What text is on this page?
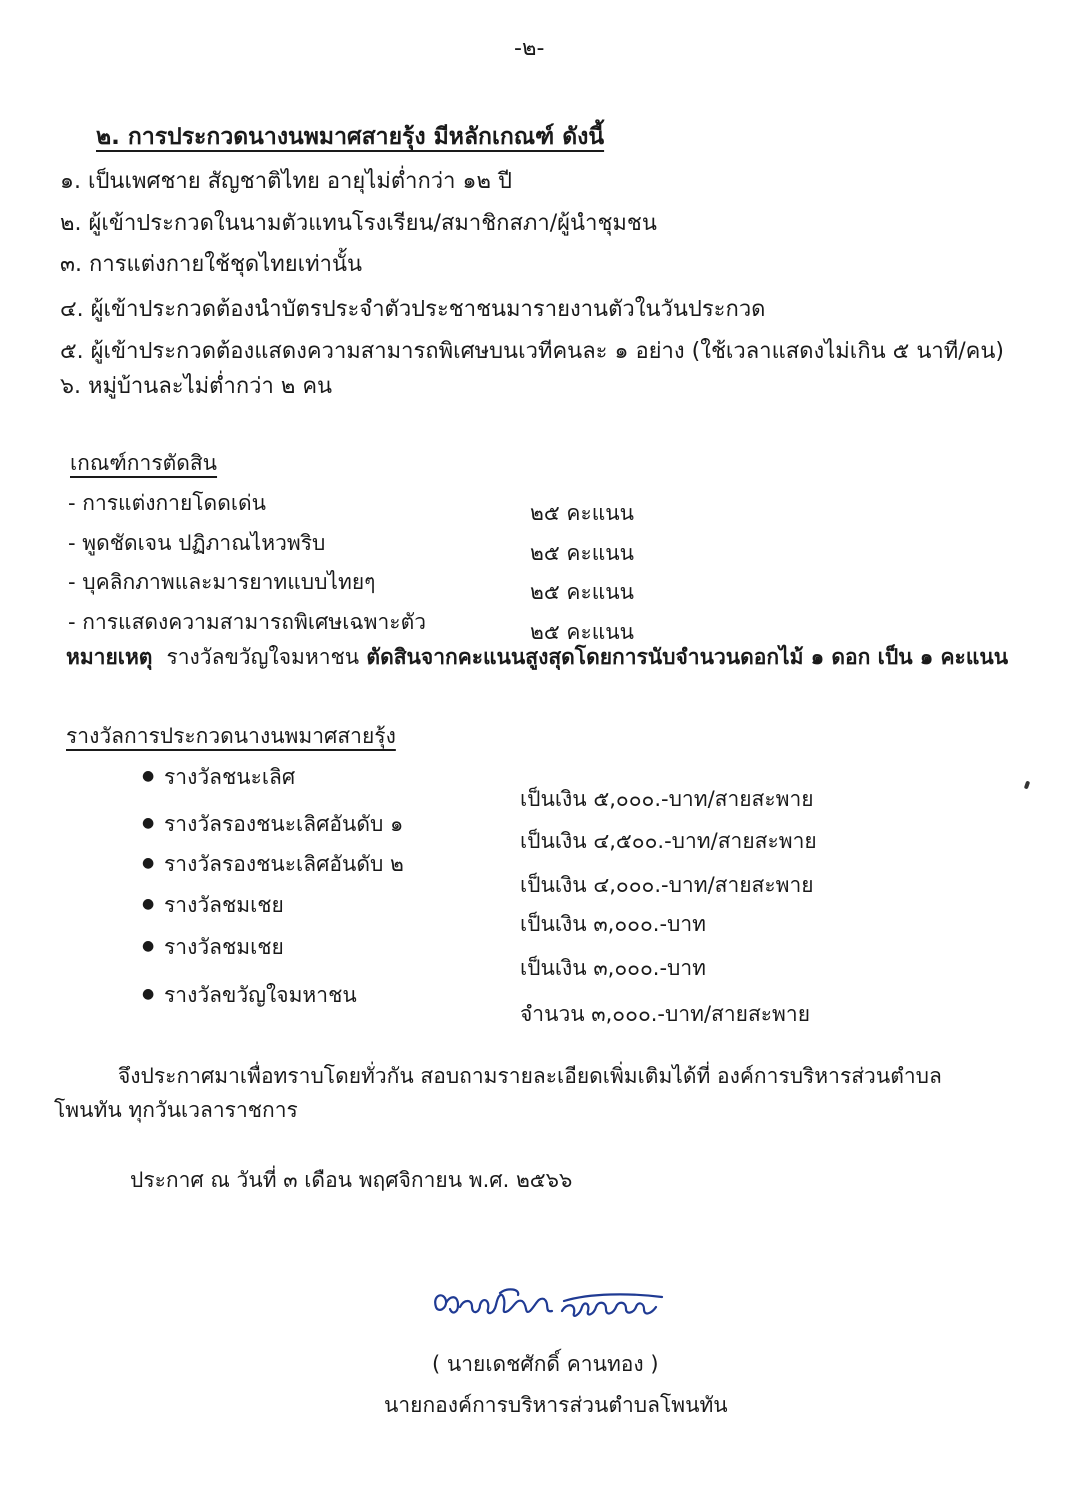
-๒-
๒. การประกวดนางนพมาศสายรุ้ง มีหลักเกณฑ์ ดังนี้
๑. เป็นเพศชาย สัญชาติไทย อายุไม่ต่ำกว่า ๑๒ ปี
๒. ผู้เข้าประกวดในนามตัวแทนโรงเรียน/สมาชิกสภา/ผู้นำชุมชน
๓. การแต่งกายใช้ชุดไทยเท่านั้น
๔. ผู้เข้าประกวดต้องนำบัตรประจำตัวประชาชนมารายงานตัวในวันประกวด
๕. ผู้เข้าประกวดต้องแสดงความสามารถพิเศษบนเวทีคนละ ๑ อย่าง (ใช้เวลาแสดงไม่เกิน ๕ นาที/คน)
๖. หมู่บ้านละไม่ต่ำกว่า ๒ คน
เกณฑ์การตัดสิน
- การแต่งกายโดดเด่น	๒๕ คะแนน
- พูดชัดเจน ปฏิภาณไหวพริบ	๒๕ คะแนน
- บุคลิกภาพและมารยาทแบบไทยๆ	๒๕ คะแนน
- การแสดงความสามารถพิเศษเฉพาะตัว	๒๕ คะแนน
หมายเหตุ รางวัลขวัญใจมหาชน ตัดสินจากคะแนนสูงสุดโดยการนับจำนวนดอกไม้ ๑ ดอก เป็น ๑ คะแนน
รางวัลการประกวดนางนพมาศสายรุ้ง
● รางวัลชนะเลิศ
เป็นเงิน ๕,๐๐๐.-บาท/สายสะพาย
● รางวัลรองชนะเลิศอันดับ ๑
เป็นเงิน ๔,๕๐๐.-บาท/สายสะพาย
● รางวัลรองชนะเลิศอันดับ ๒
เป็นเงิน ๔,๐๐๐.-บาท/สายสะพาย
● รางวัลชมเชย
เป็นเงิน ๓,๐๐๐.-บาท
● รางวัลชมเชย
เป็นเงิน ๓,๐๐๐.-บาท
● รางวัลขวัญใจมหาชน
จำนวน ๓,๐๐๐.-บาท/สายสะพาย
จึงประกาศมาเพื่อทราบโดยทั่วกัน สอบถามรายละเอียดเพิ่มเติมได้ที่ องค์การบริหารส่วนตำบล
โพนทัน ทุกวันเวลาราชการ
ประกาศ ณ วันที่ ๓ เดือน พฤศจิกายน พ.ศ. ๒๕๖๖
( นายเดชศักดิ์ คานทอง )
นายกองค์การบริหารส่วนตำบลโพนทัน
